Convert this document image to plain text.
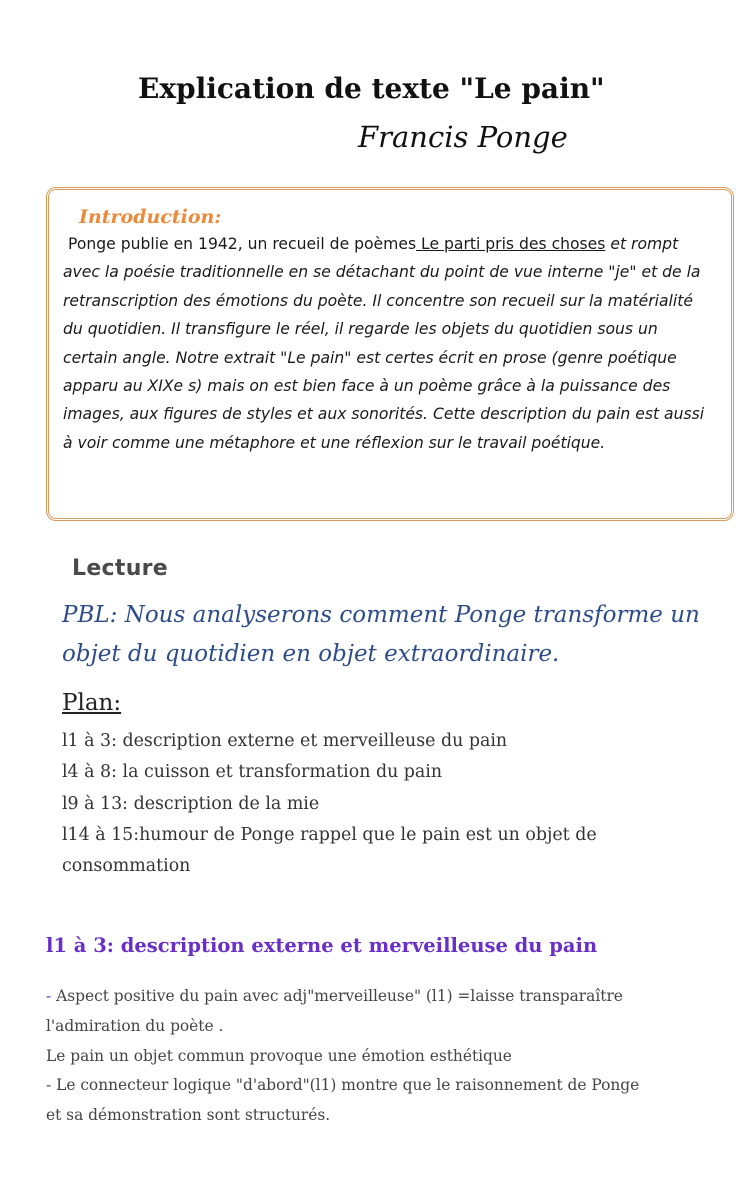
Explication de texte "Le pain"
Francis Ponge
Introduction:

Ponge publie en 1942, un recueil de poèmes Le parti pris des choses et rompt avec la poésie traditionnelle en se détachant du point de vue interne "je" et de la retranscription des émotions du poète. Il concentre son recueil sur la matérialité du quotidien. Il transfigure le réel, il regarde les objets du quotidien sous un certain angle. Notre extrait "Le pain" est certes écrit en prose (genre poétique apparu au XIXe s) mais on est bien face à un poème grâce à la puissance des images, aux figures de styles et aux sonorités. Cette description du pain est aussi à voir comme une métaphore et une réflexion sur le travail poétique.

Lecture
PBL: Nous analyserons comment Ponge transforme un objet du quotidien en objet extraordinaire.
Plan:
l1 à 3: description externe et merveilleuse du pain
l4 à 8: la cuisson et transformation du pain
l9 à 13: description de la mie
l14 à 15:humour de Ponge rappel que le pain est un objet de consommation
l1 à 3: description externe et merveilleuse du pain
- Aspect positive du pain avec adj"merveilleuse" (l1) =laisse transparaître l'admiration du poète .
Le pain un objet commun provoque une émotion esthétique
- Le connecteur logique "d'abord"(l1) montre que le raisonnement de Ponge et sa démonstration sont structurés.
